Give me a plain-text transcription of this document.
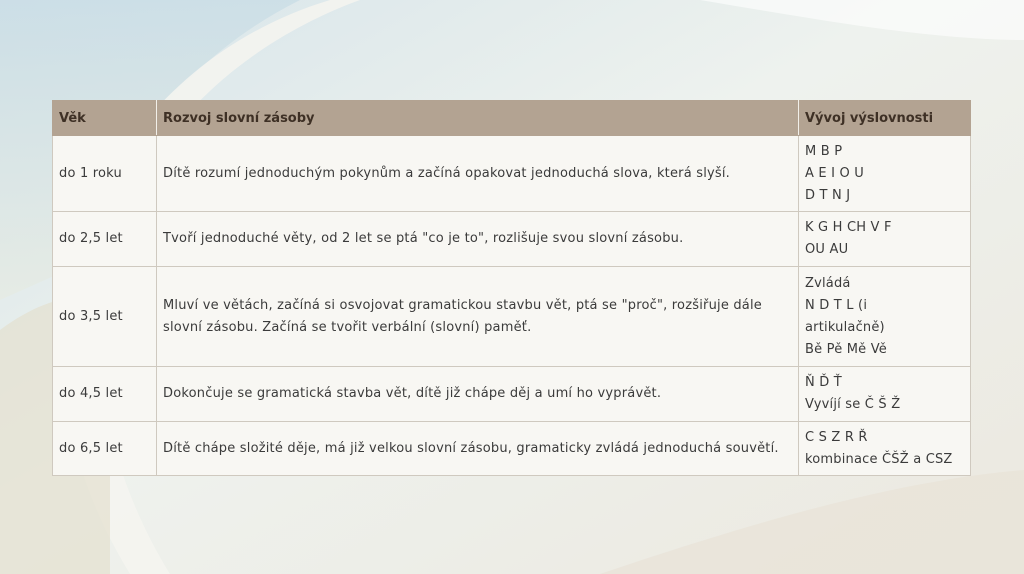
Věk	Rozvoj slovní zásoby	Vývoj výslovnosti
do 1 roku	Dítě rozumí jednoduchým pokynům a začíná opakovat jednoduchá slova, která slyší.	M B P
A E I O U
D T N J

do 2,5 let	Tvoří jednoduché věty, od 2 let se ptá "co je to", rozlišuje svou slovní zásobu.	K G H CH V F
OU AU

do 3,5 let	Mluví ve větách, začíná si osvojovat gramatickou stavbu vět, ptá se "proč", rozšiřuje dále slovní zásobu. Začíná se tvořit verbální (slovní) paměť.	Zvládá
N D T L (i
artikulačně)
Bě Pě Mě Vě

do 4,5 let	Dokončuje se gramatická stavba vět, dítě již chápe děj a umí ho vyprávět.	Ň Ď Ť
Vyvíjí se Č Š Ž

do 6,5 let	Dítě chápe složité děje, má již velkou slovní zásobu, gramaticky zvládá jednoduchá souvětí.	C S Z R Ř
kombinace ČŠŽ a CSZ
